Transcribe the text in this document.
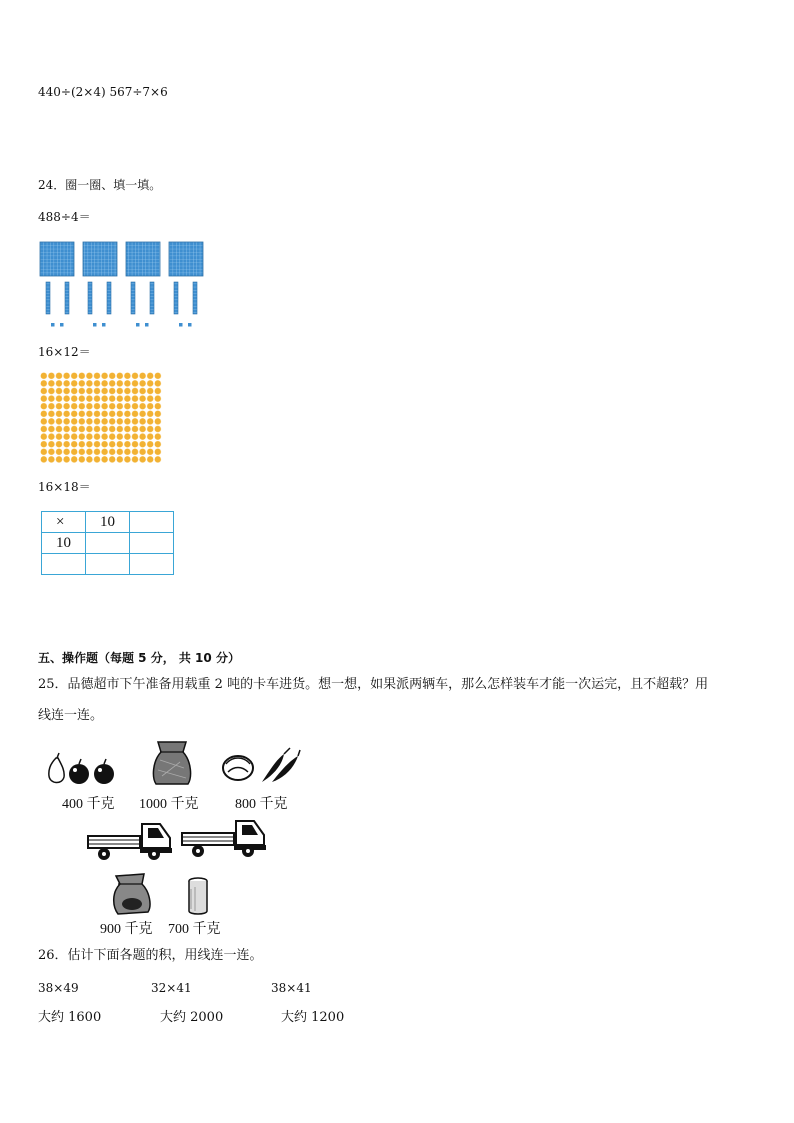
440÷(2×4) 567÷7×6
24．圈一圈、填一填。
488÷4＝
16×12＝
16×18＝
×	10	
10		

五、操作题（每题 5 分， 共 10 分）
25．品德超市下午准备用载重 2 吨的卡车进货。想一想，如果派两辆车，那么怎样装车才能一次运完，且不超载？用
线连一连。
400 千克 1000 千克	800 千克
900 千克 700 千克
26．估计下面各题的积，用线连一连。
38×49	32×41	38×41
大约 1600	大约 2000	大约 1200
